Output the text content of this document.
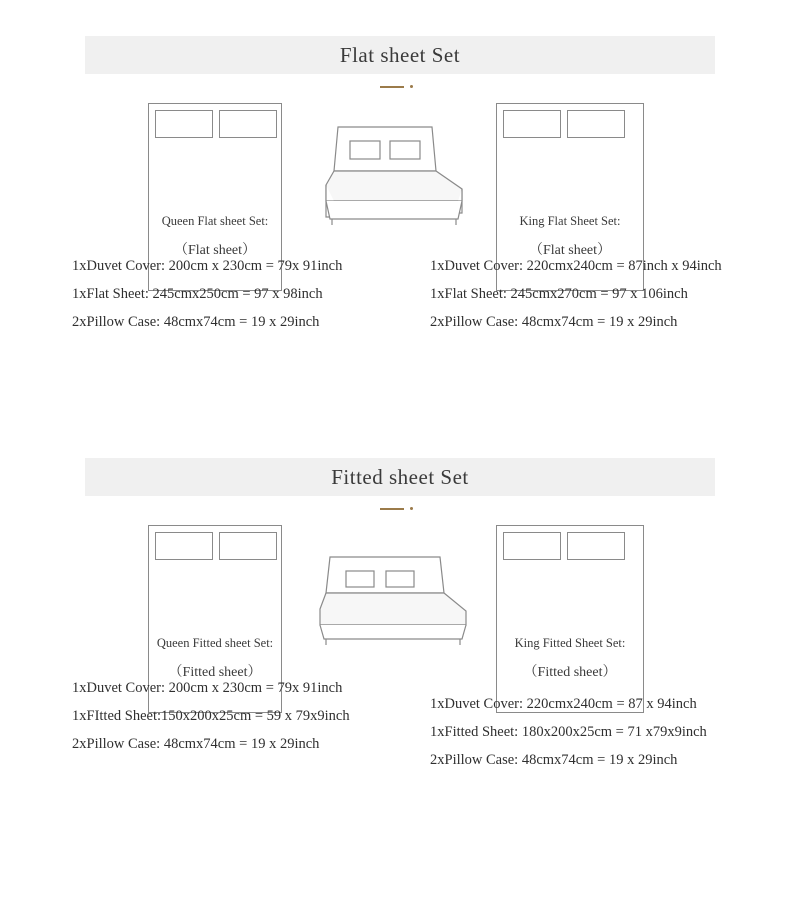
Flat sheet Set
Queen Flat sheet Set:
（Flat sheet）
King Flat Sheet Set:
（Flat sheet）
1xDuvet Cover: 200cm x 230cm = 79x 91inch
1xFlat Sheet: 245cmx250cm = 97 x 98inch
2xPillow Case: 48cmx74cm = 19 x 29inch
1xDuvet Cover: 220cmx240cm = 87inch x 94inch
1xFlat Sheet: 245cmx270cm = 97 x 106inch
2xPillow Case: 48cmx74cm = 19 x 29inch
Fitted sheet Set
Queen Fitted sheet Set:
（Fitted sheet）
King Fitted Sheet Set:
（Fitted sheet）
1xDuvet Cover: 200cm x 230cm = 79x 91inch
1xFItted Sheet:150x200x25cm = 59 x 79x9inch
2xPillow Case: 48cmx74cm = 19 x 29inch
1xDuvet Cover: 220cmx240cm = 87 x 94inch
1xFitted Sheet: 180x200x25cm = 71 x79x9inch
2xPillow Case: 48cmx74cm = 19 x 29inch
